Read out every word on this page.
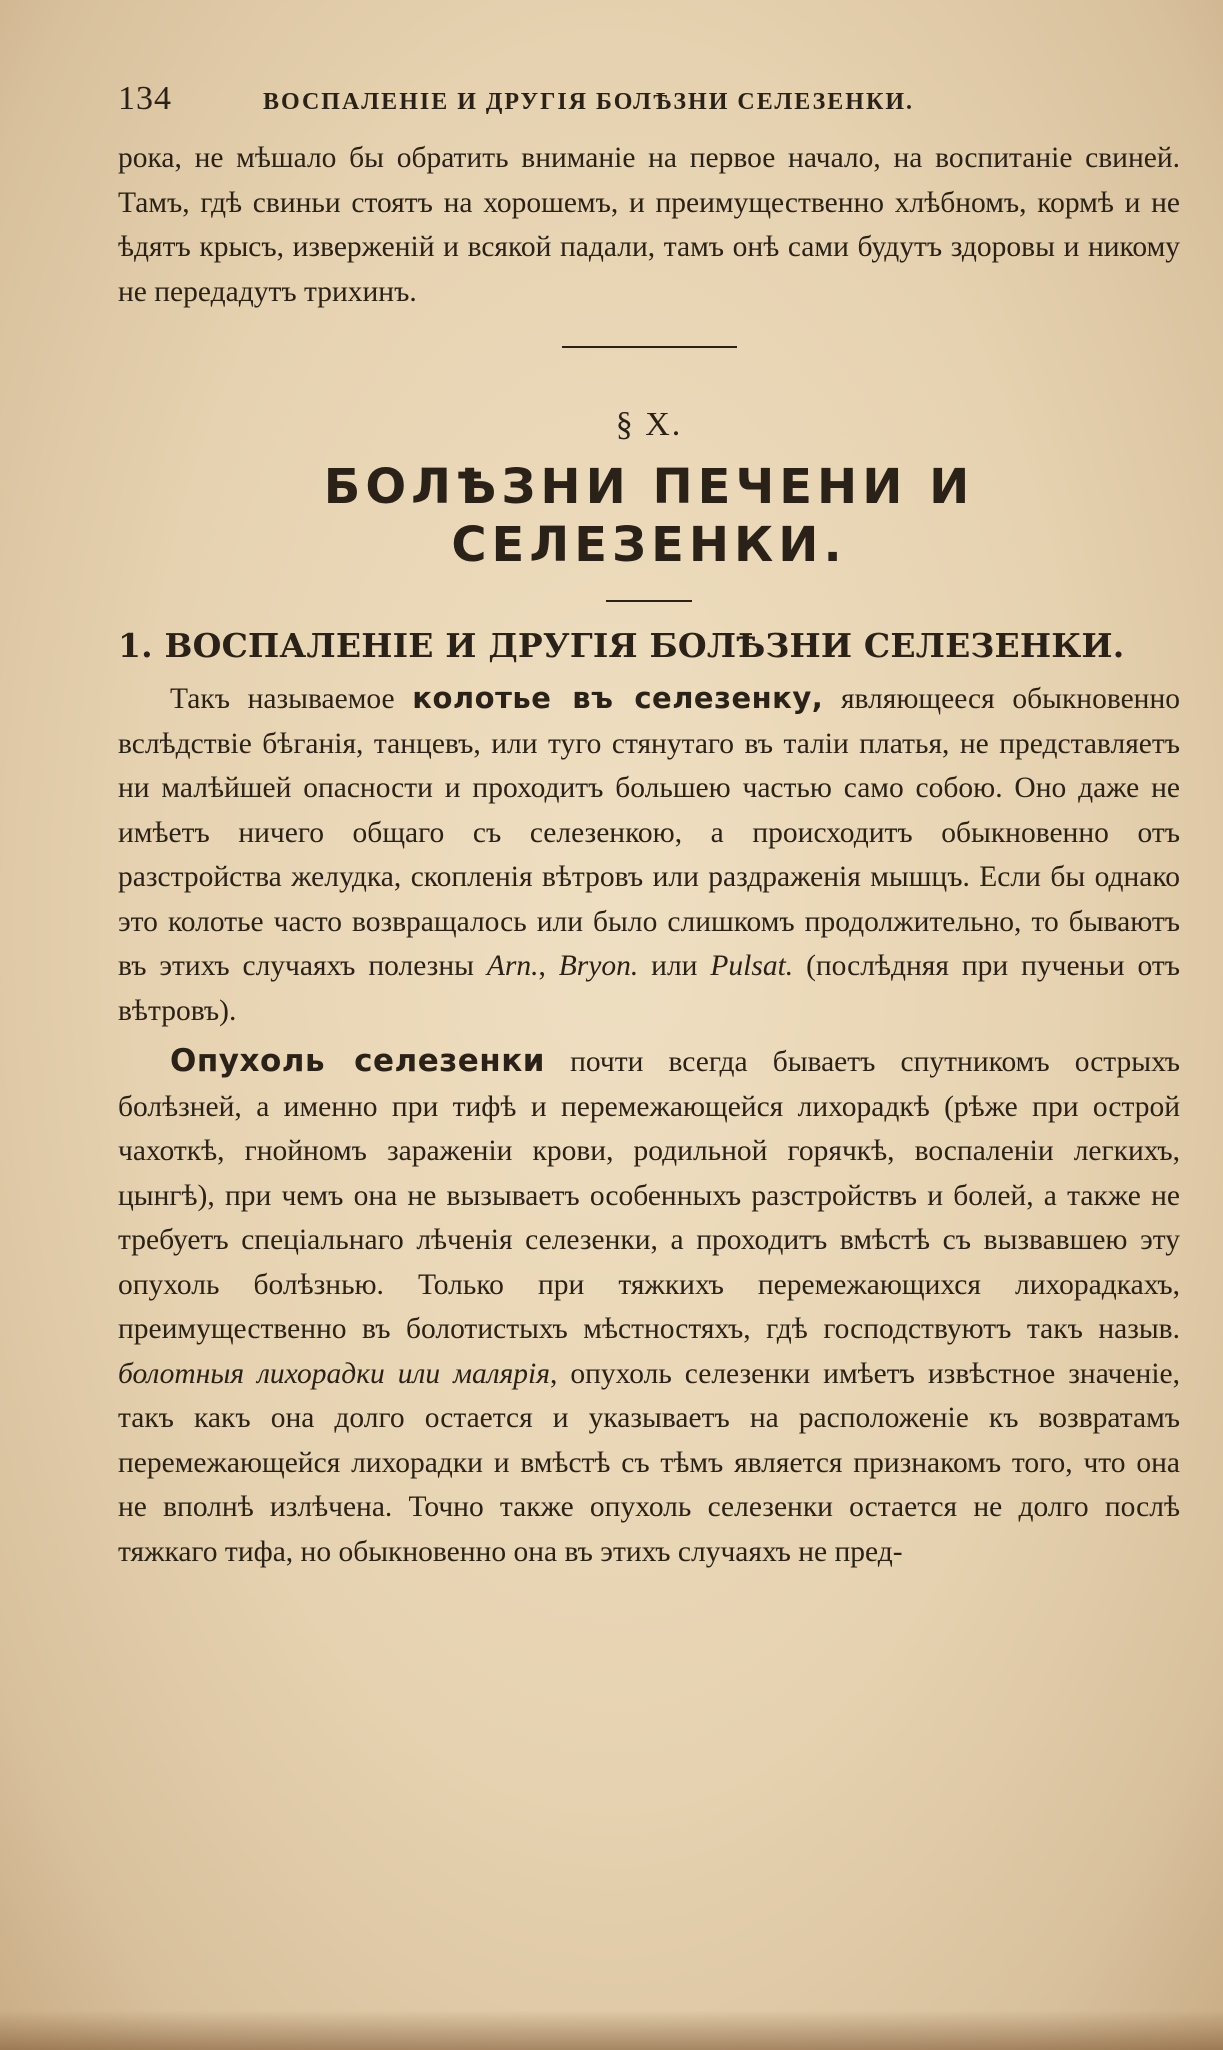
134	ВОСПАЛЕНІЕ И ДРУГІЯ БОЛѢЗНИ СЕЛЕЗЕНКИ.

рока, не мѣшало бы обратить вниманіе на первое начало, на воспитаніе свиней. Тамъ, гдѣ свиньи стоятъ на хорошемъ, и преимущественно хлѣбномъ, кормѣ и не ѣдятъ крысъ, изверженій и всякой падали, тамъ онѣ сами будутъ здоровы и никому не передадутъ трихинъ.

§ X.
БОЛѢЗНИ ПЕЧЕНИ И
СЕЛЕЗЕНКИ.
1. ВОСПАЛЕНІЕ И ДРУГІЯ БОЛѢЗНИ СЕЛЕЗЕНКИ.

Такъ называемое колотье въ селезенку, являющееся обыкновенно вслѣдствіе бѣганія, танцевъ, или туго стянутаго въ таліи платья, не представляетъ ни малѣйшей опасности и проходитъ большею частью само собою. Оно даже не имѣетъ ничего общаго съ селезенкою, а происходитъ обыкновенно отъ разстройства желудка, скопленія вѣтровъ или раздраженія мышцъ. Если бы однако это колотье часто возвращалось или было слишкомъ продолжительно, то бываютъ въ этихъ случаяхъ полезны Arn., Bryon. или Pulsat. (послѣдняя при пученьи отъ вѣтровъ).

Опухоль селезенки почти всегда бываетъ спутникомъ острыхъ болѣзней, а именно при тифѣ и перемежающейся лихорадкѣ (рѣже при острой чахоткѣ, гнойномъ зараженіи крови, родильной горячкѣ, воспаленіи легкихъ, цынгѣ), при чемъ она не вызываетъ особенныхъ разстройствъ и болей, а также не требуетъ спеціальнаго лѣченія селезенки, а проходитъ вмѣстѣ съ вызвавшею эту опухоль болѣзнью. Только при тяжкихъ перемежающихся лихорадкахъ, преимущественно въ болотистыхъ мѣстностяхъ, гдѣ господствуютъ такъ назыв. болотныя лихорадки или малярія, опухоль селезенки имѣетъ извѣстное значеніе, такъ какъ она долго остается и указываетъ на расположеніе къ возвратамъ перемежающейся лихорадки и вмѣстѣ съ тѣмъ является признакомъ того, что она не вполнѣ излѣчена. Точно также опухоль селезенки остается не долго послѣ тяжкаго тифа, но обыкновенно она въ этихъ случаяхъ не пред-
